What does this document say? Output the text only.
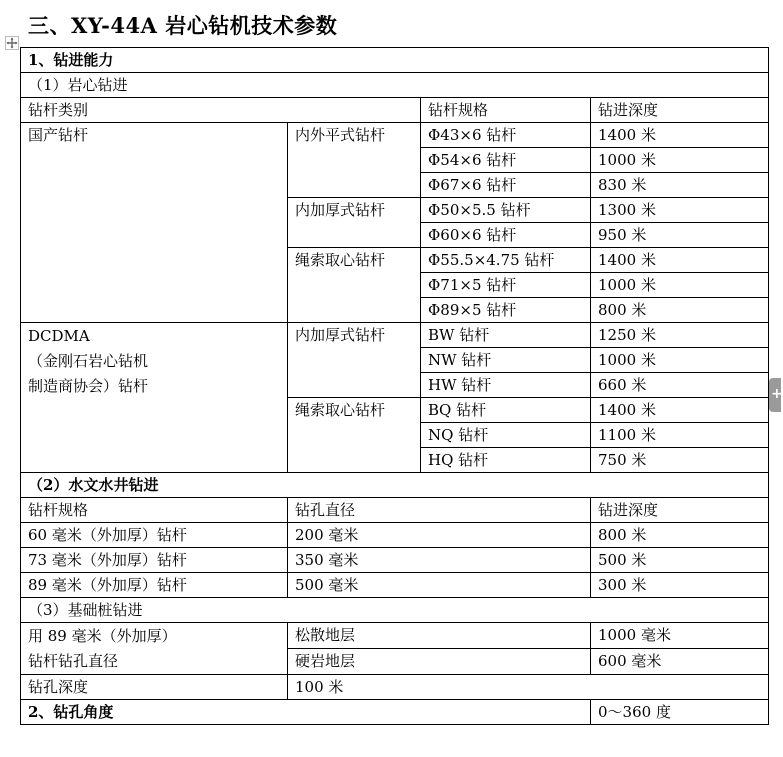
三、XY-44A 岩心钻机技术参数
+
1、钻进能力			
（1）岩心钻进			
钻杆类别		钻杆规格	钻进深度
国产钻杆	内外平式钻杆	Φ43×6 钻杆	1400 米
		Φ54×6 钻杆	1000 米
		Φ67×6 钻杆	830 米
	内加厚式钻杆	Φ50×5.5 钻杆	1300 米
		Φ60×6 钻杆	950 米
	绳索取心钻杆	Φ55.5×4.75 钻杆	1400 米
		Φ71×5 钻杆	1000 米
		Φ89×5 钻杆	800 米

DCDMA
（金刚石岩心钻机
制造商协会）钻杆	内加厚式钻杆	BW 钻杆	1250 米
		NW 钻杆	1000 米
		HW 钻杆	660 米
	绳索取心钻杆	BQ 钻杆	1400 米
		NQ 钻杆	1100 米
		HQ 钻杆	750 米
（2）水文水井钻进			
钻杆规格	钻孔直径		钻进深度
60 毫米（外加厚）钻杆	200 毫米		800 米
73 毫米（外加厚）钻杆	350 毫米		500 米
89 毫米（外加厚）钻杆	500 毫米		300 米
（3）基础桩钻进			

用 89 毫米（外加厚）
钻杆钻孔直径	松散地层		1000 毫米
	硬岩地层		600 毫米
钻孔深度	100 米		
2、钻孔角度			0～360 度
